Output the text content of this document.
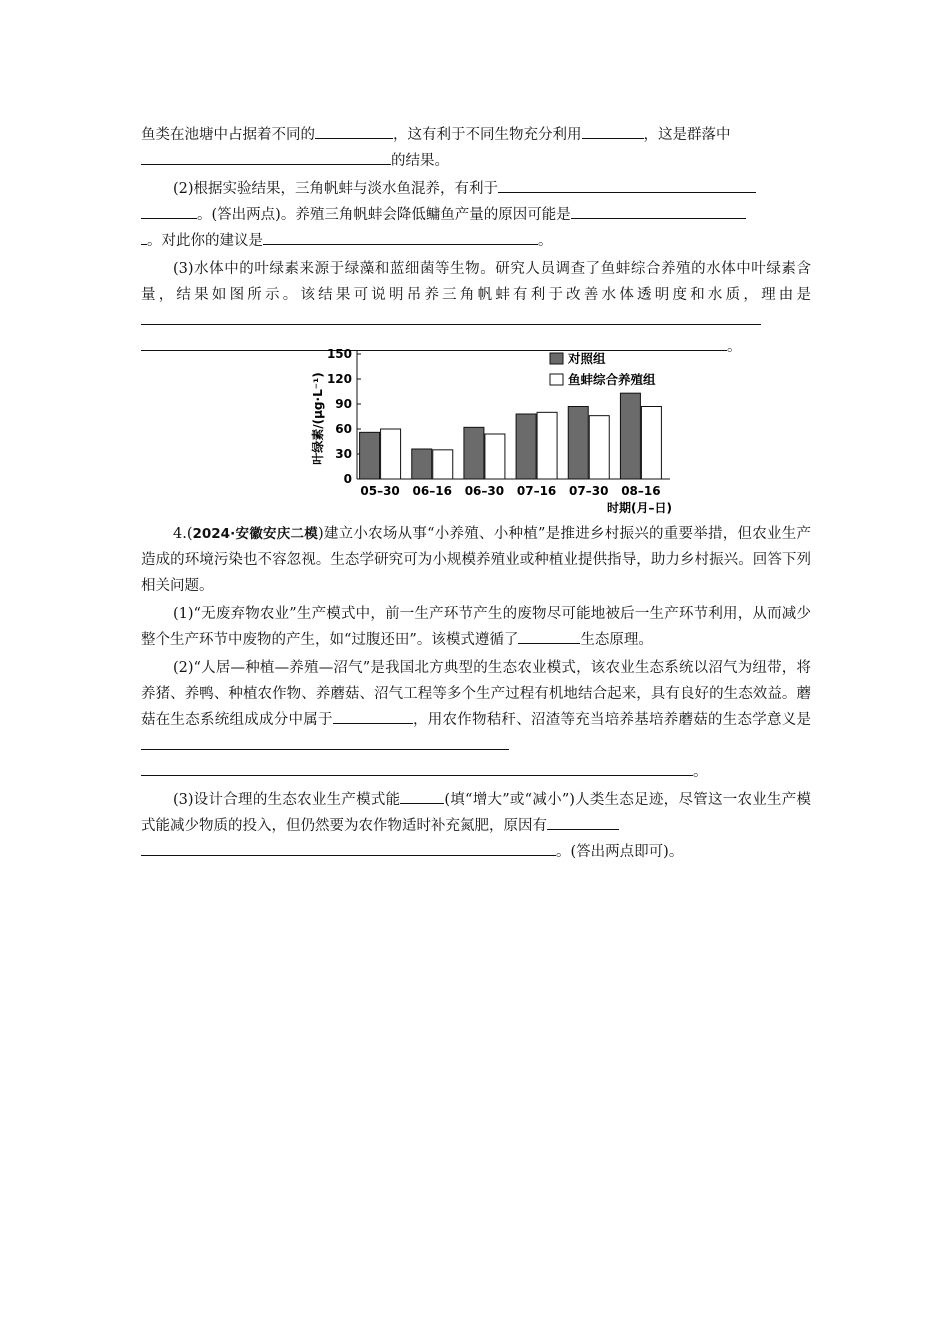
鱼类在池塘中占据着不同的	，这有利于不同生物充分利用	，这是群落中
的结果。

(2)根据实验结果，三角帆蚌与淡水鱼混养，有利于
。(答出两点)。养殖三角帆蚌会降低鳙鱼产量的原因可能是
。对此你的建议是	。

(3)水体中的叶绿素来源于绿藻和蓝细菌等生物。研究人员调查了鱼蚌综合养殖的水体中叶绿素含量，结果如图所示。该结果可说明吊养三角帆蚌有利于改善水体透明度和水质，理由是
。

0
30
60
90
120
150
叶绿素/(μg·L⁻¹)
05–30 06–16 06–30 07–16 07–30 08–16
时期(月–日)
对照组
鱼蚌综合养殖组

4.(2024·安徽安庆二模)建立小农场从事“小养殖、小种植”是推进乡村振兴的重要举措，但农业生产造成的环境污染也不容忽视。生态学研究可为小规模养殖业或种植业提供指导，助力乡村振兴。回答下列相关问题。

(1)“无废弃物农业”生产模式中，前一生产环节产生的废物尽可能地被后一生产环节利用，从而减少整个生产环节中废物的产生，如“过腹还田”。该模式遵循了	生态原理。

(2)“人居—种植—养殖—沼气”是我国北方典型的生态农业模式，该农业生态系统以沼气为纽带，将养猪、养鸭、种植农作物、养蘑菇、沼气工程等多个生产过程有机地结合起来，具有良好的生态效益。蘑菇在生态系统组成成分中属于	，用农作物秸秆、沼渣等充当培养基培养蘑菇的生态学意义是
。

(3)设计合理的生态农业生产模式能	(填“增大”或“减小”)人类生态足迹，尽管这一农业生产模式能减少物质的投入，但仍然要为农作物适时补充氮肥，原因有
。(答出两点即可)。
